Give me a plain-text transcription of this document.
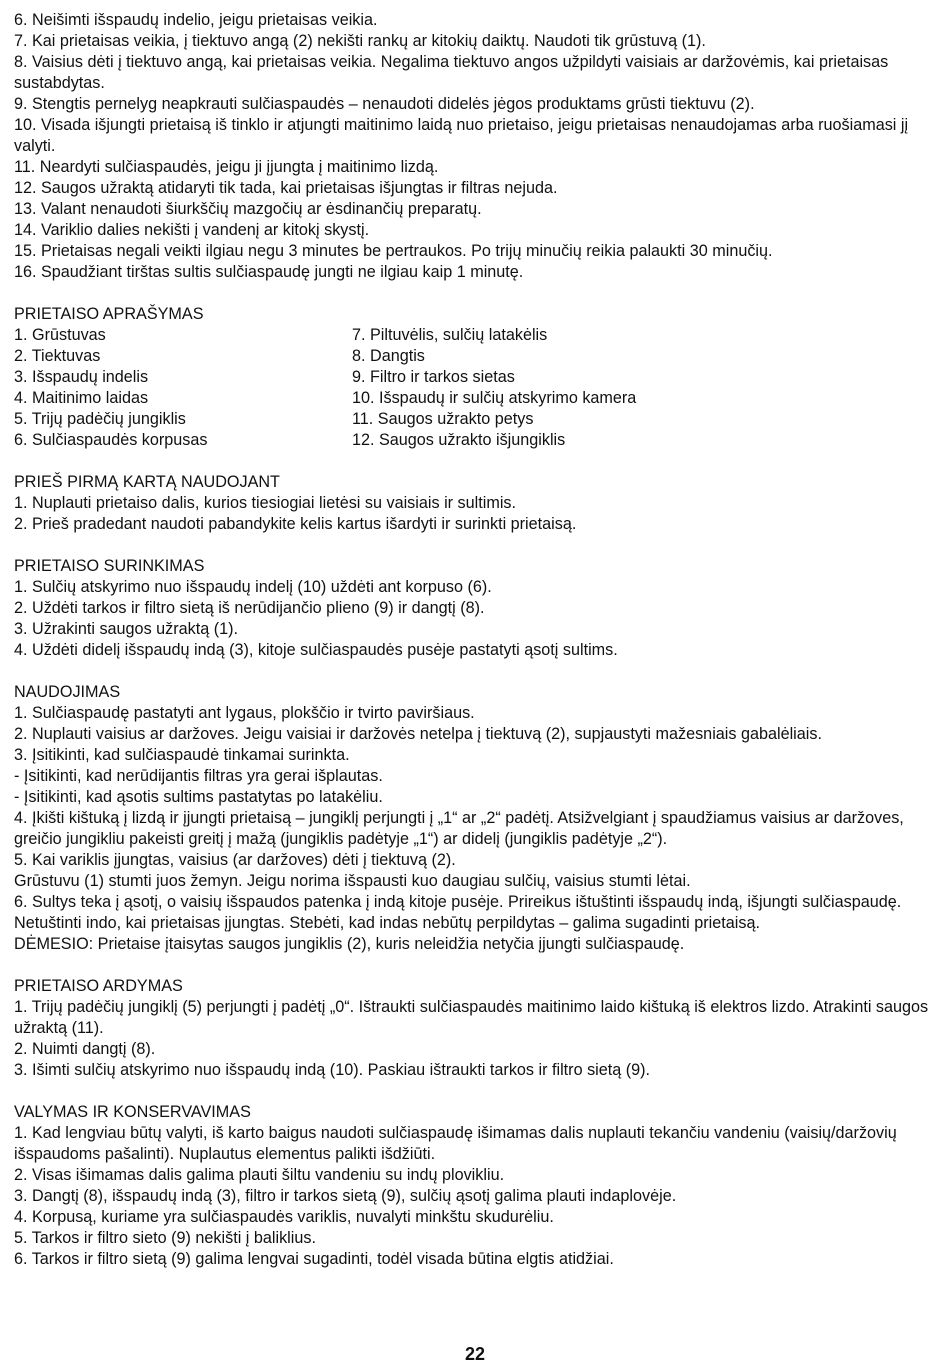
6. Neišimti išspaudų indelio, jeigu prietaisas veikia.

7. Kai prietaisas veikia, į tiektuvo angą (2) nekišti rankų ar kitokių daiktų. Naudoti tik grūstuvą (1).

8. Vaisius dėti į tiektuvo angą, kai prietaisas veikia. Negalima tiektuvo angos užpildyti vaisiais ar daržovėmis, kai prietaisas sustabdytas.

9. Stengtis pernelyg neapkrauti sulčiaspaudės – nenaudoti didelės jėgos produktams grūsti tiektuvu (2).

10. Visada išjungti prietaisą iš tinklo ir atjungti maitinimo laidą nuo prietaiso, jeigu prietaisas nenaudojamas arba ruošiamasi jį valyti.

11. Neardyti sulčiaspaudės, jeigu ji įjungta į maitinimo lizdą.

12. Saugos užraktą atidaryti tik tada, kai prietaisas išjungtas ir filtras nejuda.

13. Valant nenaudoti šiurkščių mazgočių ar ėsdinančių preparatų.

14. Variklio dalies nekišti į vandenį ar kitokį skystį.

15. Prietaisas negali veikti ilgiau negu 3 minutes be pertraukos. Po trijų minučių reikia palaukti 30 minučių.

16. Spaudžiant tirštas sultis sulčiaspaudę jungti ne ilgiau kaip 1 minutę.

PRIETAISO APRAŠYMAS

1. Grūstuvas

2. Tiektuvas

3. Išspaudų indelis

4. Maitinimo laidas

5. Trijų padėčių jungiklis

6. Sulčiaspaudės korpusas

7. Piltuvėlis, sulčių latakėlis

8. Dangtis

9. Filtro ir tarkos sietas

10. Išspaudų ir sulčių atskyrimo kamera

11. Saugos užrakto petys

12. Saugos užrakto išjungiklis

PRIEŠ PIRMĄ KARTĄ NAUDOJANT

1. Nuplauti prietaiso dalis, kurios tiesiogiai lietėsi su vaisiais ir sultimis.

2. Prieš pradedant naudoti pabandykite kelis kartus išardyti ir surinkti prietaisą.

PRIETAISO SURINKIMAS

1. Sulčių atskyrimo nuo išspaudų indelį (10) uždėti ant korpuso (6).

2. Uždėti tarkos ir filtro sietą iš nerūdijančio plieno (9) ir dangtį (8).

3. Užrakinti saugos užraktą (1).

4. Uždėti didelį išspaudų indą (3), kitoje sulčiaspaudės pusėje pastatyti ąsotį sultims.

NAUDOJIMAS

1. Sulčiaspaudę pastatyti ant lygaus, plokščio ir tvirto paviršiaus.

2. Nuplauti vaisius ar daržoves. Jeigu vaisiai ir daržovės netelpa į tiektuvą (2), supjaustyti mažesniais gabalėliais.

3. Įsitikinti, kad sulčiaspaudė tinkamai surinkta.

- Įsitikinti, kad nerūdijantis filtras yra gerai išplautas.

- Įsitikinti, kad ąsotis sultims pastatytas po latakėliu.

4. Įkišti kištuką į lizdą ir įjungti prietaisą – jungiklį perjungti į „1“ ar „2“ padėtį. Atsižvelgiant į spaudžiamus vaisius ar daržoves, greičio jungikliu pakeisti greitį į mažą (jungiklis padėtyje „1“) ar didelį (jungiklis padėtyje „2“).

5. Kai variklis įjungtas, vaisius (ar daržoves) dėti į tiektuvą (2).

Grūstuvu (1) stumti juos žemyn. Jeigu norima išspausti kuo daugiau sulčių, vaisius stumti lėtai.

6. Sultys teka į ąsotį, o vaisių išspaudos patenka į indą kitoje pusėje. Prireikus ištuštinti išspaudų indą, išjungti sulčiaspaudę. Netuštinti indo, kai prietaisas įjungtas. Stebėti, kad indas nebūtų perpildytas – galima sugadinti prietaisą.

DĖMESIO: Prietaise įtaisytas saugos jungiklis (2), kuris neleidžia netyčia įjungti sulčiaspaudę.

PRIETAISO ARDYMAS

1. Trijų padėčių jungiklį (5) perjungti į padėtį „0“. Ištraukti sulčiaspaudės maitinimo laido kištuką iš elektros lizdo. Atrakinti saugos užraktą (11).

2. Nuimti dangtį (8).

3. Išimti sulčių atskyrimo nuo išspaudų indą (10). Paskiau ištraukti tarkos ir filtro sietą (9).

VALYMAS IR KONSERVAVIMAS

1. Kad lengviau būtų valyti, iš karto baigus naudoti sulčiaspaudę išimamas dalis nuplauti tekančiu vandeniu (vaisių/daržovių išspaudoms pašalinti). Nuplautus elementus palikti išdžiūti.

2. Visas išimamas dalis galima plauti šiltu vandeniu su indų plovikliu.

3. Dangtį (8), išspaudų indą (3), filtro ir tarkos sietą (9), sulčių ąsotį galima plauti indaplovėje.

4. Korpusą, kuriame yra sulčiaspaudės variklis, nuvalyti minkštu skudurėliu.

5. Tarkos ir filtro sieto (9) nekišti į baliklius.

6. Tarkos ir filtro sietą (9) galima lengvai sugadinti, todėl visada būtina elgtis atidžiai.

22
